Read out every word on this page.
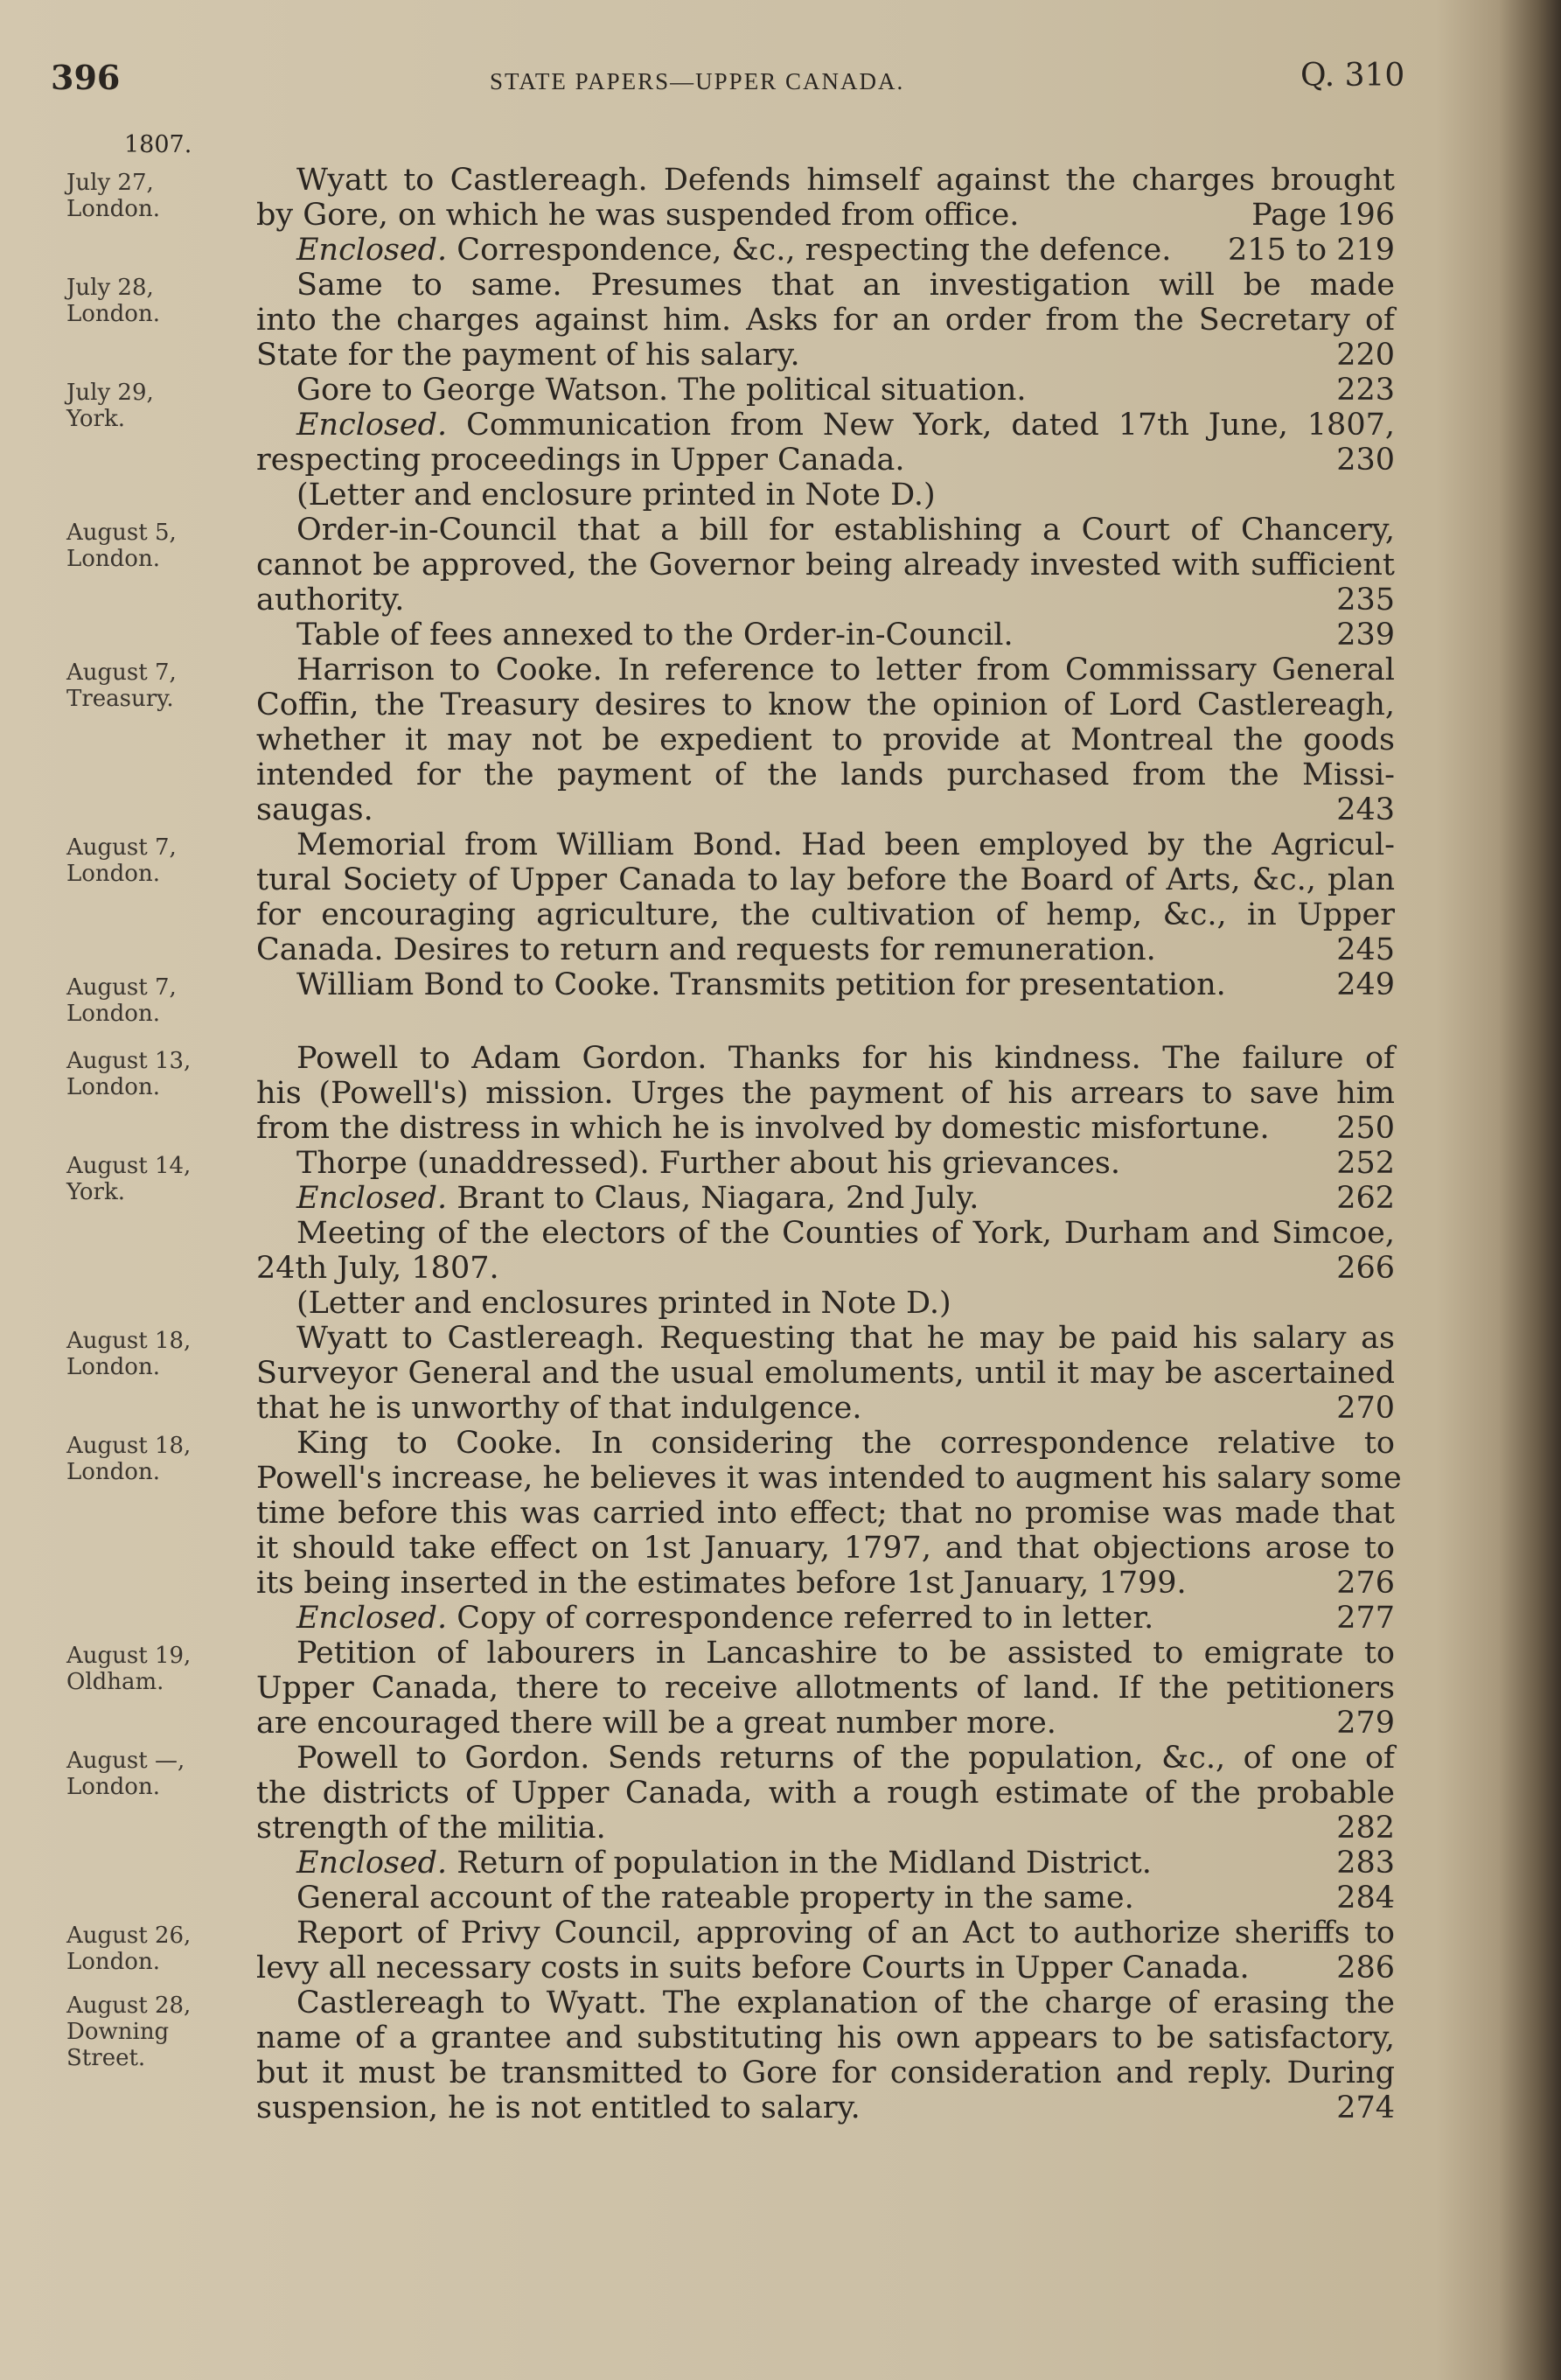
396	STATE PAPERS—UPPER CANADA.	Q. 310
1807.
July 27,
London.
Wyatt to Castlereagh. Defends himself against the charges brought
by Gore, on which he was suspended from office.	Page 196
Enclosed. Correspondence, &c., respecting the defence.	215 to 219
July 28,
London.
Same to same. Presumes that an investigation will be made
into the charges against him. Asks for an order from the Secretary of
State for the payment of his salary.	220
July 29,
York.
Gore to George Watson. The political situation.	223
Enclosed. Communication from New York, dated 17th June, 1807,
respecting proceedings in Upper Canada.	230
(Letter and enclosure printed in Note D.)
August 5,
London.
Order-in-Council that a bill for establishing a Court of Chancery,
cannot be approved, the Governor being already invested with sufficient
authority.	235
Table of fees annexed to the Order-in-Council.	239
August 7,
Treasury.
Harrison to Cooke. In reference to letter from Commissary General
Coffin, the Treasury desires to know the opinion of Lord Castlereagh,
whether it may not be expedient to provide at Montreal the goods
intended for the payment of the lands purchased from the Missi-
saugas.	243
August 7,
London.
Memorial from William Bond. Had been employed by the Agricul-
tural Society of Upper Canada to lay before the Board of Arts, &c., plan
for encouraging agriculture, the cultivation of hemp, &c., in Upper
Canada. Desires to return and requests for remuneration.	245
August 7,
London.
William Bond to Cooke. Transmits petition for presentation.	249
August 13,
London.
Powell to Adam Gordon. Thanks for his kindness. The failure of
his (Powell's) mission. Urges the payment of his arrears to save him
from the distress in which he is involved by domestic misfortune.	250
August 14,
York.
Thorpe (unaddressed). Further about his grievances.	252
Enclosed. Brant to Claus, Niagara, 2nd July.	262
Meeting of the electors of the Counties of York, Durham and Simcoe,
24th July, 1807.	266
(Letter and enclosures printed in Note D.)
August 18,
London.
Wyatt to Castlereagh. Requesting that he may be paid his salary as
Surveyor General and the usual emoluments, until it may be ascertained
that he is unworthy of that indulgence.	270
August 18,
London.
King to Cooke. In considering the correspondence relative to
Powell's increase, he believes it was intended to augment his salary some
time before this was carried into effect; that no promise was made that
it should take effect on 1st January, 1797, and that objections arose to
its being inserted in the estimates before 1st January, 1799.	276
Enclosed. Copy of correspondence referred to in letter.	277
August 19,
Oldham.
Petition of labourers in Lancashire to be assisted to emigrate to
Upper Canada, there to receive allotments of land. If the petitioners
are encouraged there will be a great number more.	279
August —,
London.
Powell to Gordon. Sends returns of the population, &c., of one of
the districts of Upper Canada, with a rough estimate of the probable
strength of the militia.	282
Enclosed. Return of population in the Midland District.	283
General account of the rateable property in the same.	284
August 26,
London.
Report of Privy Council, approving of an Act to authorize sheriffs to
levy all necessary costs in suits before Courts in Upper Canada.	286
August 28,
Downing Street.
Castlereagh to Wyatt. The explanation of the charge of erasing the
name of a grantee and substituting his own appears to be satisfactory,
but it must be transmitted to Gore for consideration and reply. During
suspension, he is not entitled to salary.	274
